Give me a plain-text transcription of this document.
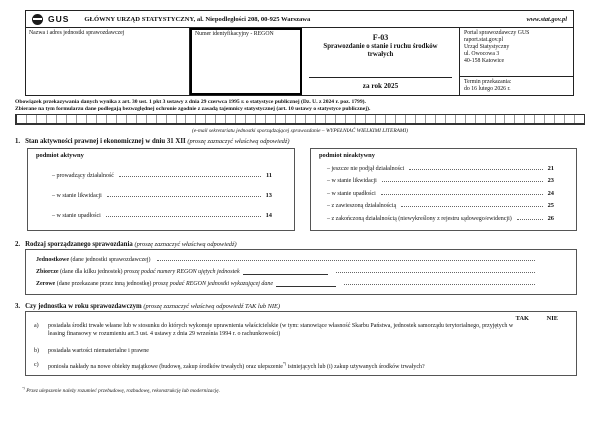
GUS GŁÓWNY URZĄD STATYSTYCZNY, al. Niepodległości 208, 00-925 Warszawa	www.stat.gov.pl
Nazwa i adres jednostki sprawozdawczej	Numer identyfikacyjny - REGON	F-03
Sprawozdanie o stanie i ruchu środków trwałych
za rok 2025
Portal sprawozdawczy GUS
raport.stat.gov.pl
Urząd Statystyczny
ul. Owocowa 3
40-158 Katowice
Termin przekazania:
do 16 lutego 2026 r.
Obowiązek przekazywania danych wynika z art. 30 ust. 1 pkt 3 ustawy z dnia 29 czerwca 1995 r. o statystyce publicznej (Dz. U. z 2024 r. poz. 1799).
Zbierane na tym formularzu dane podlegają bezwzględnej ochronie zgodnie z zasadą tajemnicy statystycznej (art. 10 ustawy o statystyce publicznej).
(e-mail sekretariatu jednostki sporządzającej sprawozdanie – WYPEŁNIAĆ WIELKIMI LITERAMI)
1. Stan aktywności prawnej i ekonomicznej w dniu 31 XII (proszę zaznaczyć właściwą odpowiedź)
podmiot aktywny
– prowadzący działalność	11
– w stanie likwidacji	13
– w stanie upadłości	14
podmiot nieaktywny
– jeszcze nie podjął działalności	21
– w stanie likwidacji	23
– w stanie upadłości	24
– z zawieszoną działalnością	25
– z zakończoną działalnością (niewykreślony z rejestru sądowego/ewidencji)	26
2. Rodzaj sporządzanego sprawozdania (proszę zaznaczyć właściwą odpowiedź)
Jednostkowe (dane jednostki sprawozdawczej)
Zbiorcze (dane dla kilku jednostek) proszę podać numery REGON ujętych jednostek
Zerowe (dane przekazane przez inną jednostkę) proszę podać REGON jednostki wykazującej dane
3. Czy jednostka w roku sprawozdawczym (proszę zaznaczyć właściwą odpowiedź TAK lub NIE)
TAK	NIE
a)	posiadała środki trwałe własne lub w stosunku do których wykonuje uprawnienia właścicielskie (w tym: stanowiące własność Skarbu Państwa, jednostek samorządu terytorialnego, przyjętych w leasing finansowy w rozumieniu art.3 ust. 4 ustawy z dnia 29 września 1994 r. o rachunkowości)
b)	posiadała wartości niematerialne i prawne
c)	poniosła nakłady na nowe obiekty majątkowe (budowę, zakup środków trwałych) oraz ulepszenie*) istniejących lub (i) zakup używanych środków trwałych?
*) Przez ulepszenie należy rozumieć przebudowę, rozbudowę, rekonstrukcję lub modernizację.
